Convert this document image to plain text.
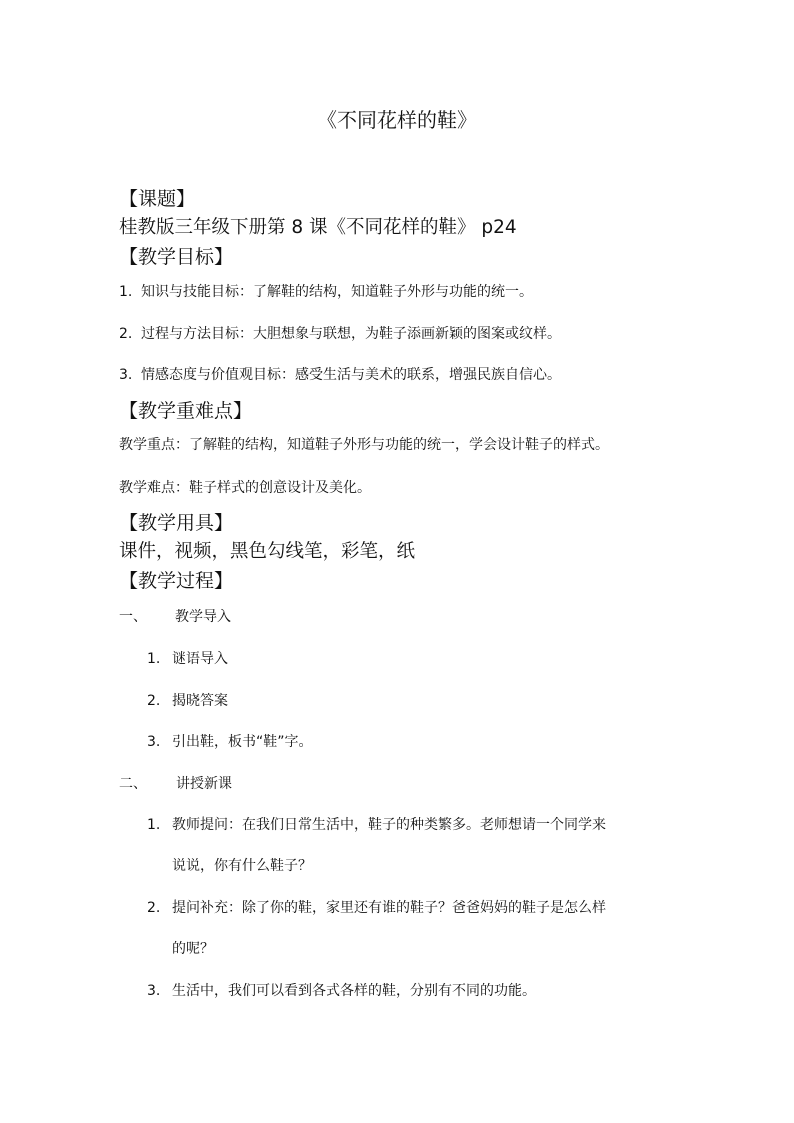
《不同花样的鞋》
【课题】
桂教版三年级下册第 8 课《不同花样的鞋》 p24
【教学目标】
1. 知识与技能目标：了解鞋的结构，知道鞋子外形与功能的统一。
2. 过程与方法目标：大胆想象与联想，为鞋子添画新颖的图案或纹样。
3. 情感态度与价值观目标：感受生活与美术的联系，增强民族自信心。
【教学重难点】
教学重点：了解鞋的结构，知道鞋子外形与功能的统一，学会设计鞋子的样式。
教学难点：鞋子样式的创意设计及美化。
【教学用具】
课件，视频，黑色勾线笔，彩笔，纸
【教学过程】
一、 教学导入
1. 谜语导入
2. 揭晓答案
3. 引出鞋，板书“鞋”字。
二、 讲授新课
1. 教师提问：在我们日常生活中，鞋子的种类繁多。老师想请一个同学来
说说，你有什么鞋子？
2. 提问补充：除了你的鞋，家里还有谁的鞋子？爸爸妈妈的鞋子是怎么样
的呢？
3. 生活中，我们可以看到各式各样的鞋，分别有不同的功能。
